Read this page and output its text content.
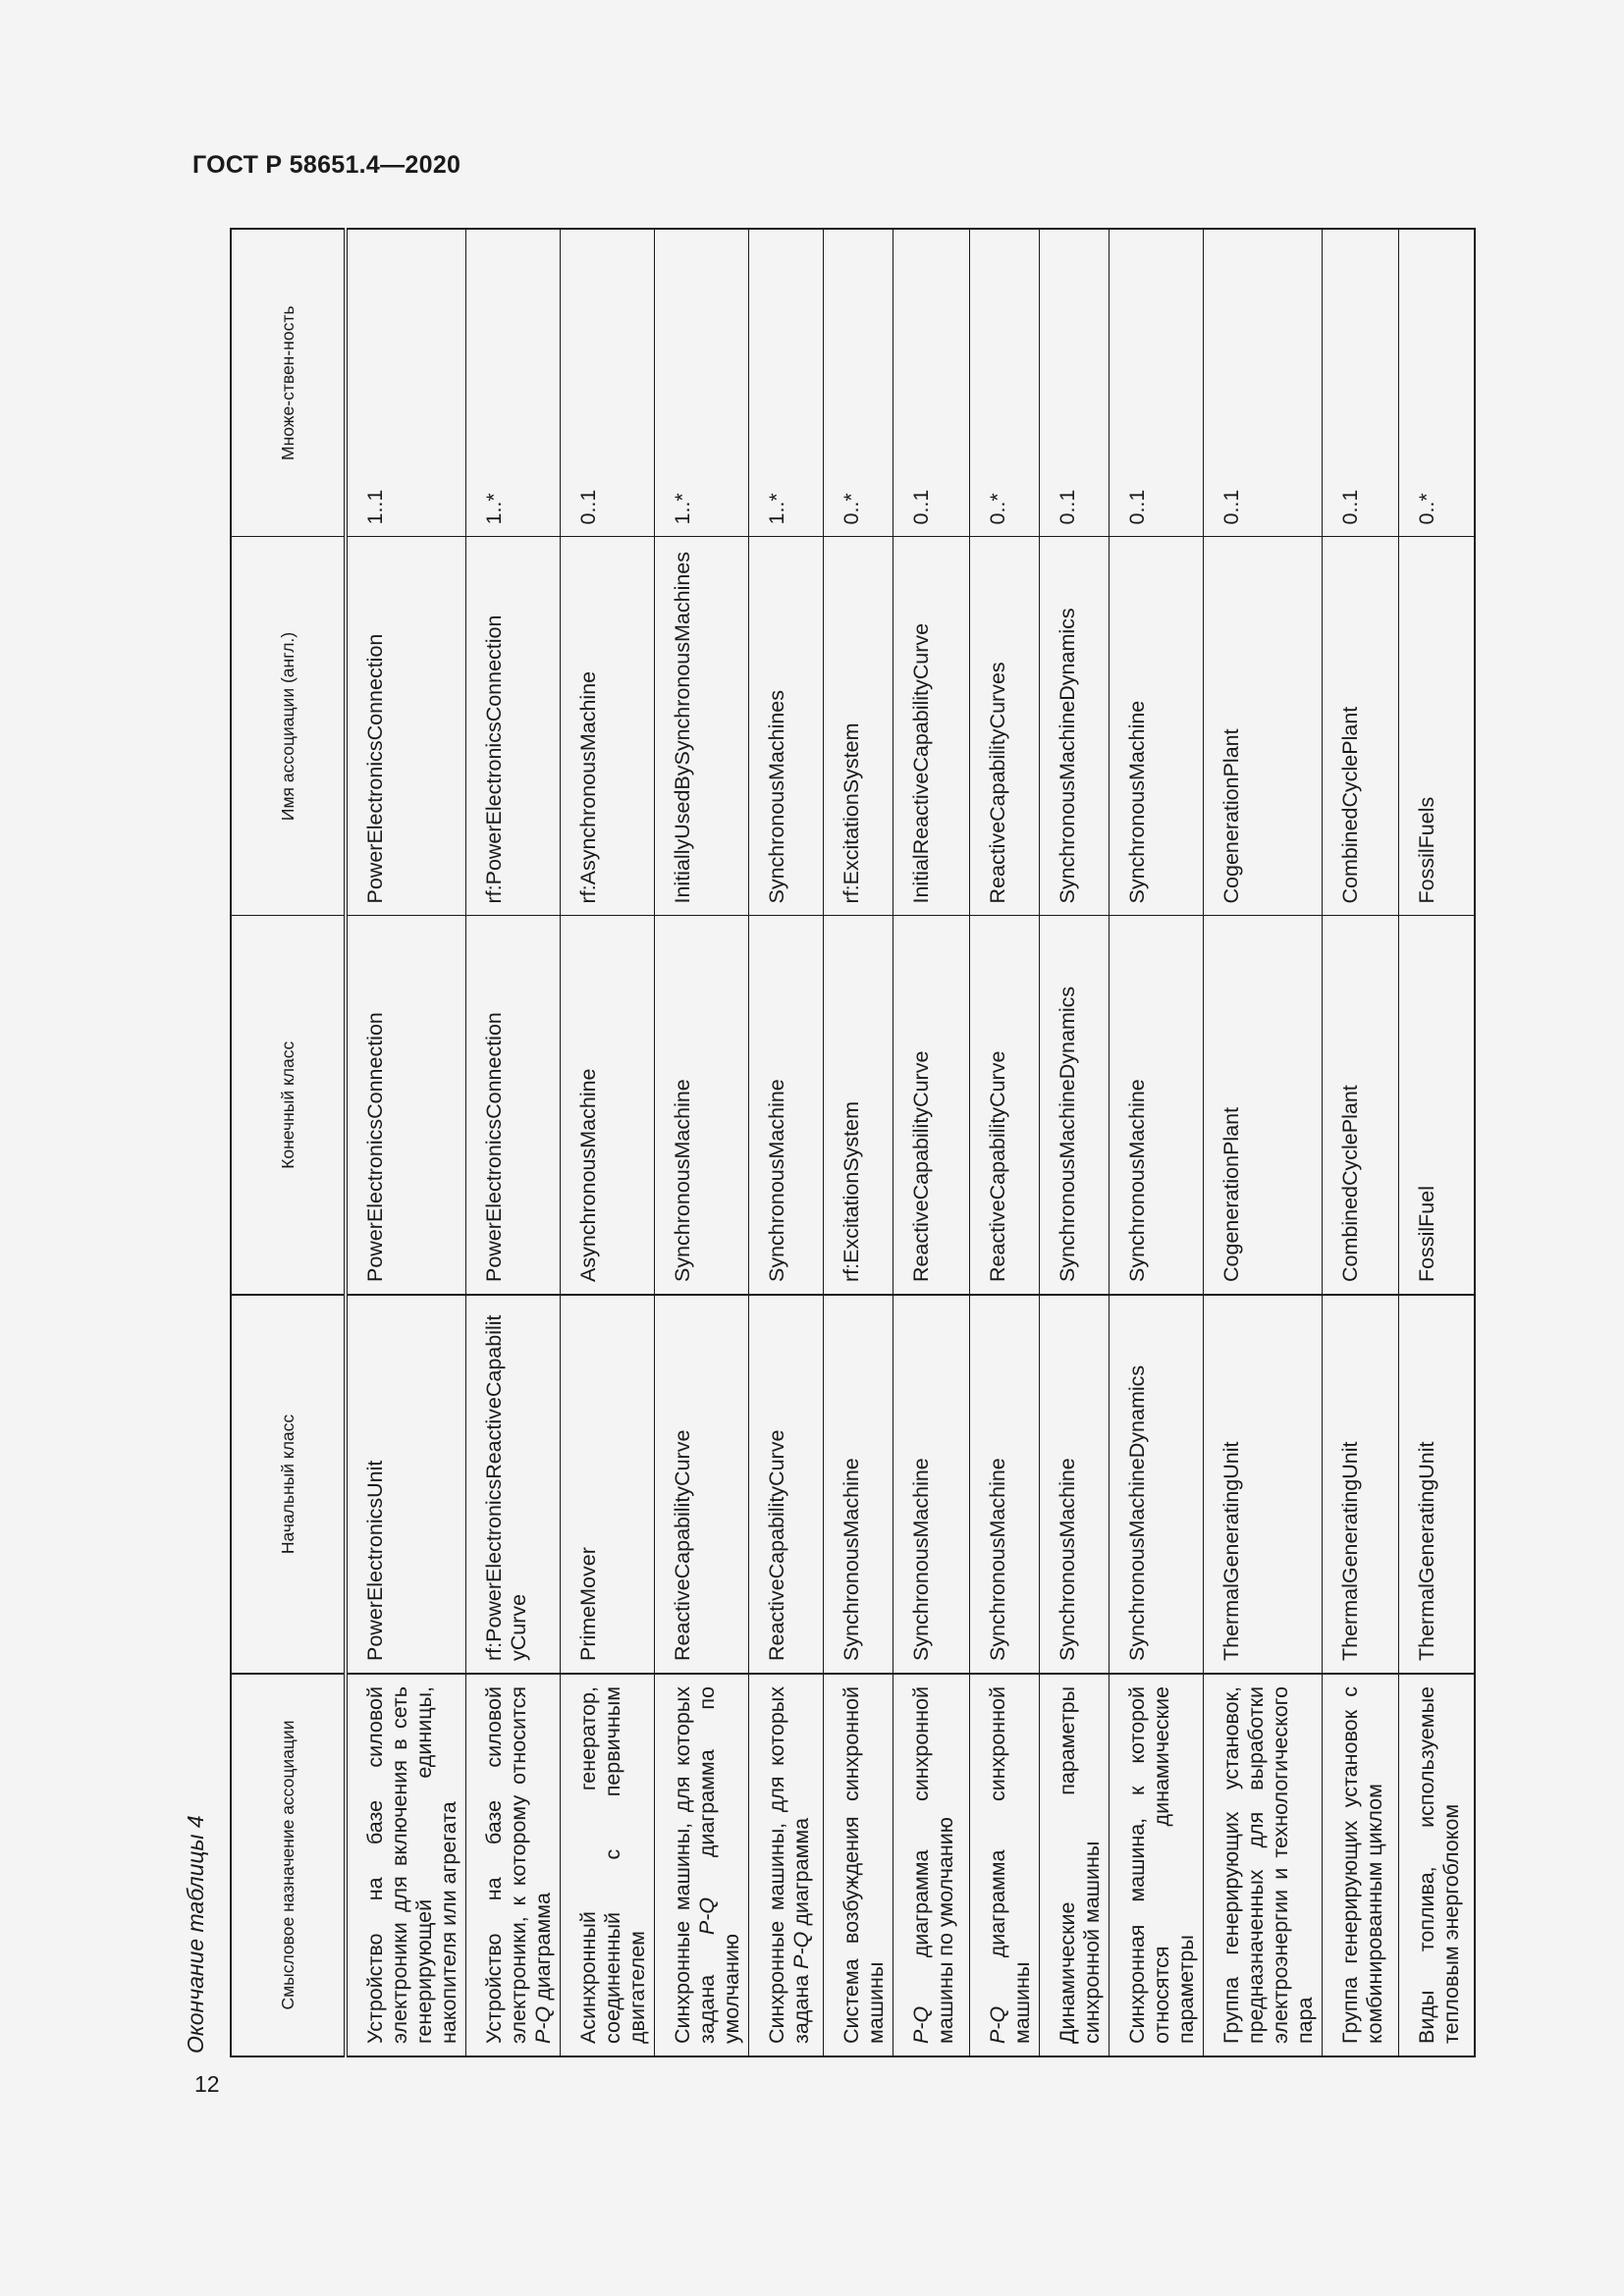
ГОСТ Р 58651.4—2020
Окончание таблицы 4
12
Смысловое назначение ассоциации	Начальный класс	Конечный класс	Имя ассоциации (англ.)	Множе-ствен-ность
Устройство на базе силовой электроники для включения в сеть генерирующей единицы, накопителя или агрегата	PowerElectronicsUnit	PowerElectronicsConnection	PowerElectronicsConnection	1..1
Устройство на базе силовой электроники, к которому относится P-Q диаграмма	rf:PowerElectronicsReactiveCapabilityCurve	PowerElectronicsConnection	rf:PowerElectronicsConnection	1..*
Асинхронный генератор, соединенный с первичным двигателем	PrimeMover	AsynchronousMachine	rf:AsynchronousMachine	0..1
Синхронные машины, для которых задана P-Q диаграмма по умолчанию	ReactiveCapabilityCurve	SynchronousMachine	InitiallyUsedBySynchronousMachines	1..*
Синхронные машины, для которых задана P-Q диаграмма	ReactiveCapabilityCurve	SynchronousMachine	SynchronousMachines	1..*
Система возбуждения синхронной машины	SynchronousMachine	rf:ExcitationSystem	rf:ExcitationSystem	0..*
P-Q диаграмма синхронной машины по умолчанию	SynchronousMachine	ReactiveCapabilityCurve	InitialReactiveCapabilityCurve	0..1
P-Q диаграмма синхронной машины	SynchronousMachine	ReactiveCapabilityCurve	ReactiveCapabilityCurves	0..*
Динамические параметры синхронной машины	SynchronousMachine	SynchronousMachineDynamics	SynchronousMachineDynamics	0..1
Синхронная машина, к которой относятся динамические параметры	SynchronousMachineDynamics	SynchronousMachine	SynchronousMachine	0..1
Группа генерирующих установок, предназначенных для выработки электроэнергии и технологического пара	ThermalGeneratingUnit	CogenerationPlant	CogenerationPlant	0..1
Группа генерирующих установок с комбинированным циклом	ThermalGeneratingUnit	CombinedCyclePlant	CombinedCyclePlant	0..1
Виды топлива, используемые тепловым энергоблоком	ThermalGeneratingUnit	FossilFuel	FossilFuels	0..*
